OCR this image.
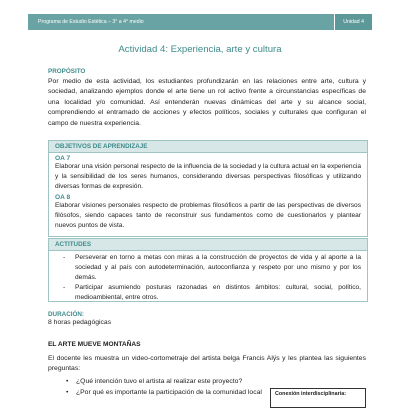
Programa de Estudio Estética – 3° a 4° medio	Unidad 4
Actividad 4: Experiencia, arte y cultura
PROPÓSITO
Por medio de esta actividad, los estudiantes profundizarán en las relaciones entre arte, cultura y sociedad, analizando ejemplos donde el arte tiene un rol activo frente a circunstancias específicas de una localidad y/o comunidad. Así entenderán nuevas dinámicas del arte y su alcance social, comprendiendo el entramado de acciones y efectos políticos, sociales y culturales que configuran el campo de nuestra experiencia.
OBJETIVOS DE APRENDIZAJE
OA 7
Elaborar una visión personal respecto de la influencia de la sociedad y la cultura actual en la experiencia y la sensibilidad de los seres humanos, considerando diversas perspectivas filosóficas y utilizando diversas formas de expresión.
OA 8
Elaborar visiones personales respecto de problemas filosóficos a partir de las perspectivas de diversos filósofos, siendo capaces tanto de reconstruir sus fundamentos como de cuestionarlos y plantear nuevos puntos de vista.
ACTITUDES
- Perseverar en torno a metas con miras a la construcción de proyectos de vida y al aporte a la sociedad y al país con autodeterminación, autoconfianza y respeto por uno mismo y por los demás.
- Participar asumiendo posturas razonadas en distintos ámbitos: cultural, social, político, medioambiental, entre otros.
DURACIÓN:
8 horas pedagógicas
EL ARTE MUEVE MONTAÑAS
El docente les muestra un video-cortometraje del artista belga Francis Alÿs y les plantea las siguientes preguntas:
• ¿Qué intención tuvo el artista al realizar este proyecto?
• ¿Por qué es importante la participación de la comunidad local	Conexión interdisciplinaria:
